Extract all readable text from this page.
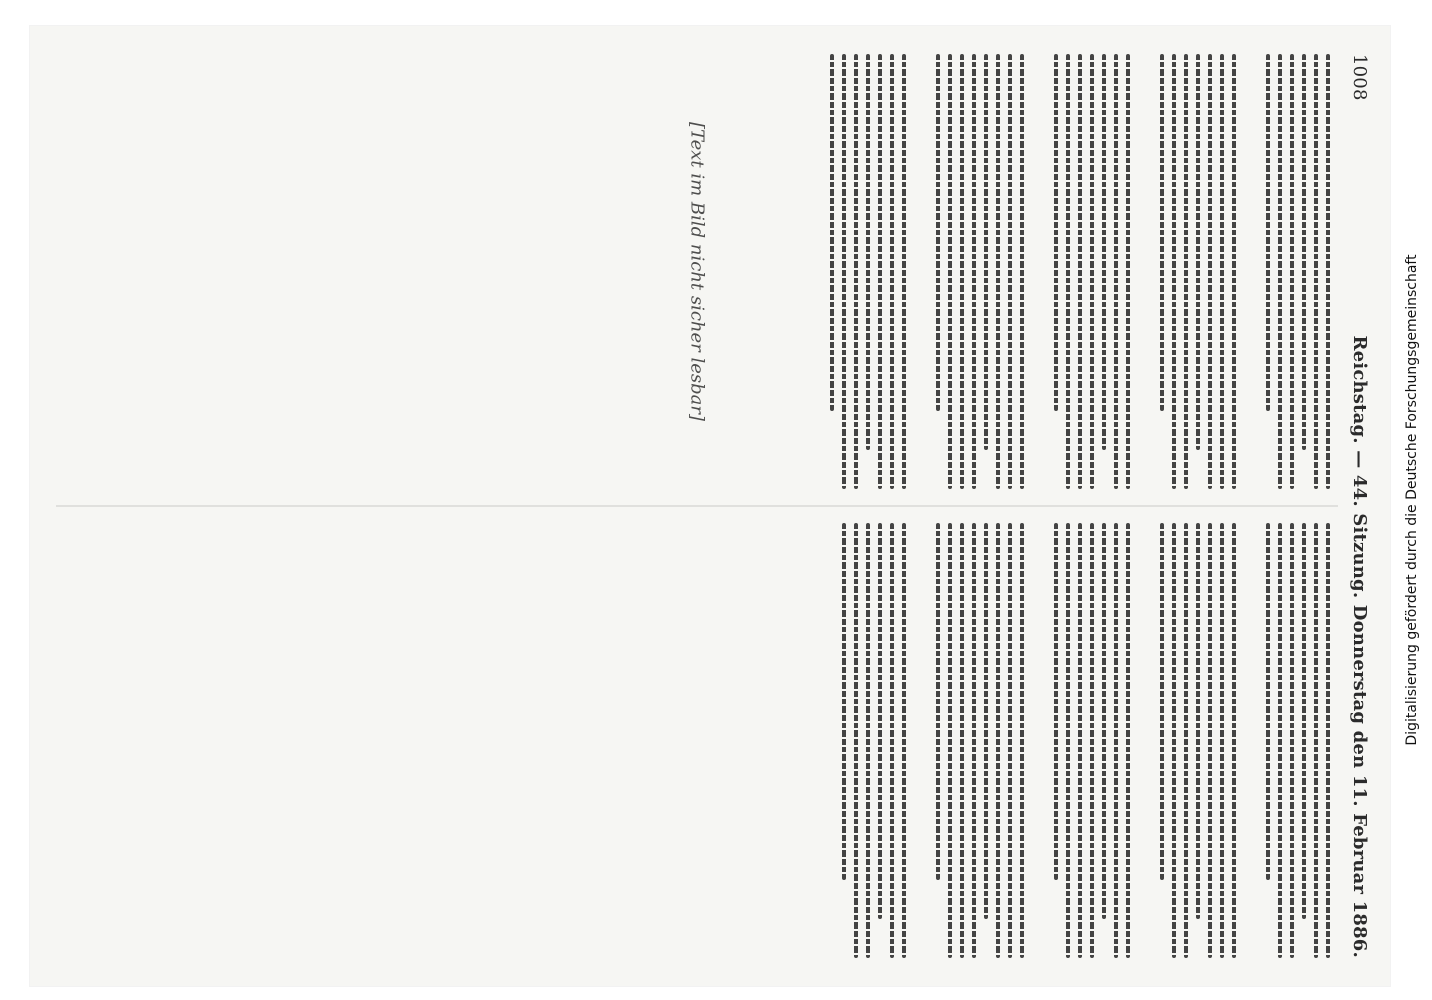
1008
Reichstag. — 44. Sitzung. Donnerstag den 11. Februar 1886.
[Text im Bild nicht sicher lesbar]	Digitalisierung gefördert durch die Deutsche Forschungsgemeinschaft
